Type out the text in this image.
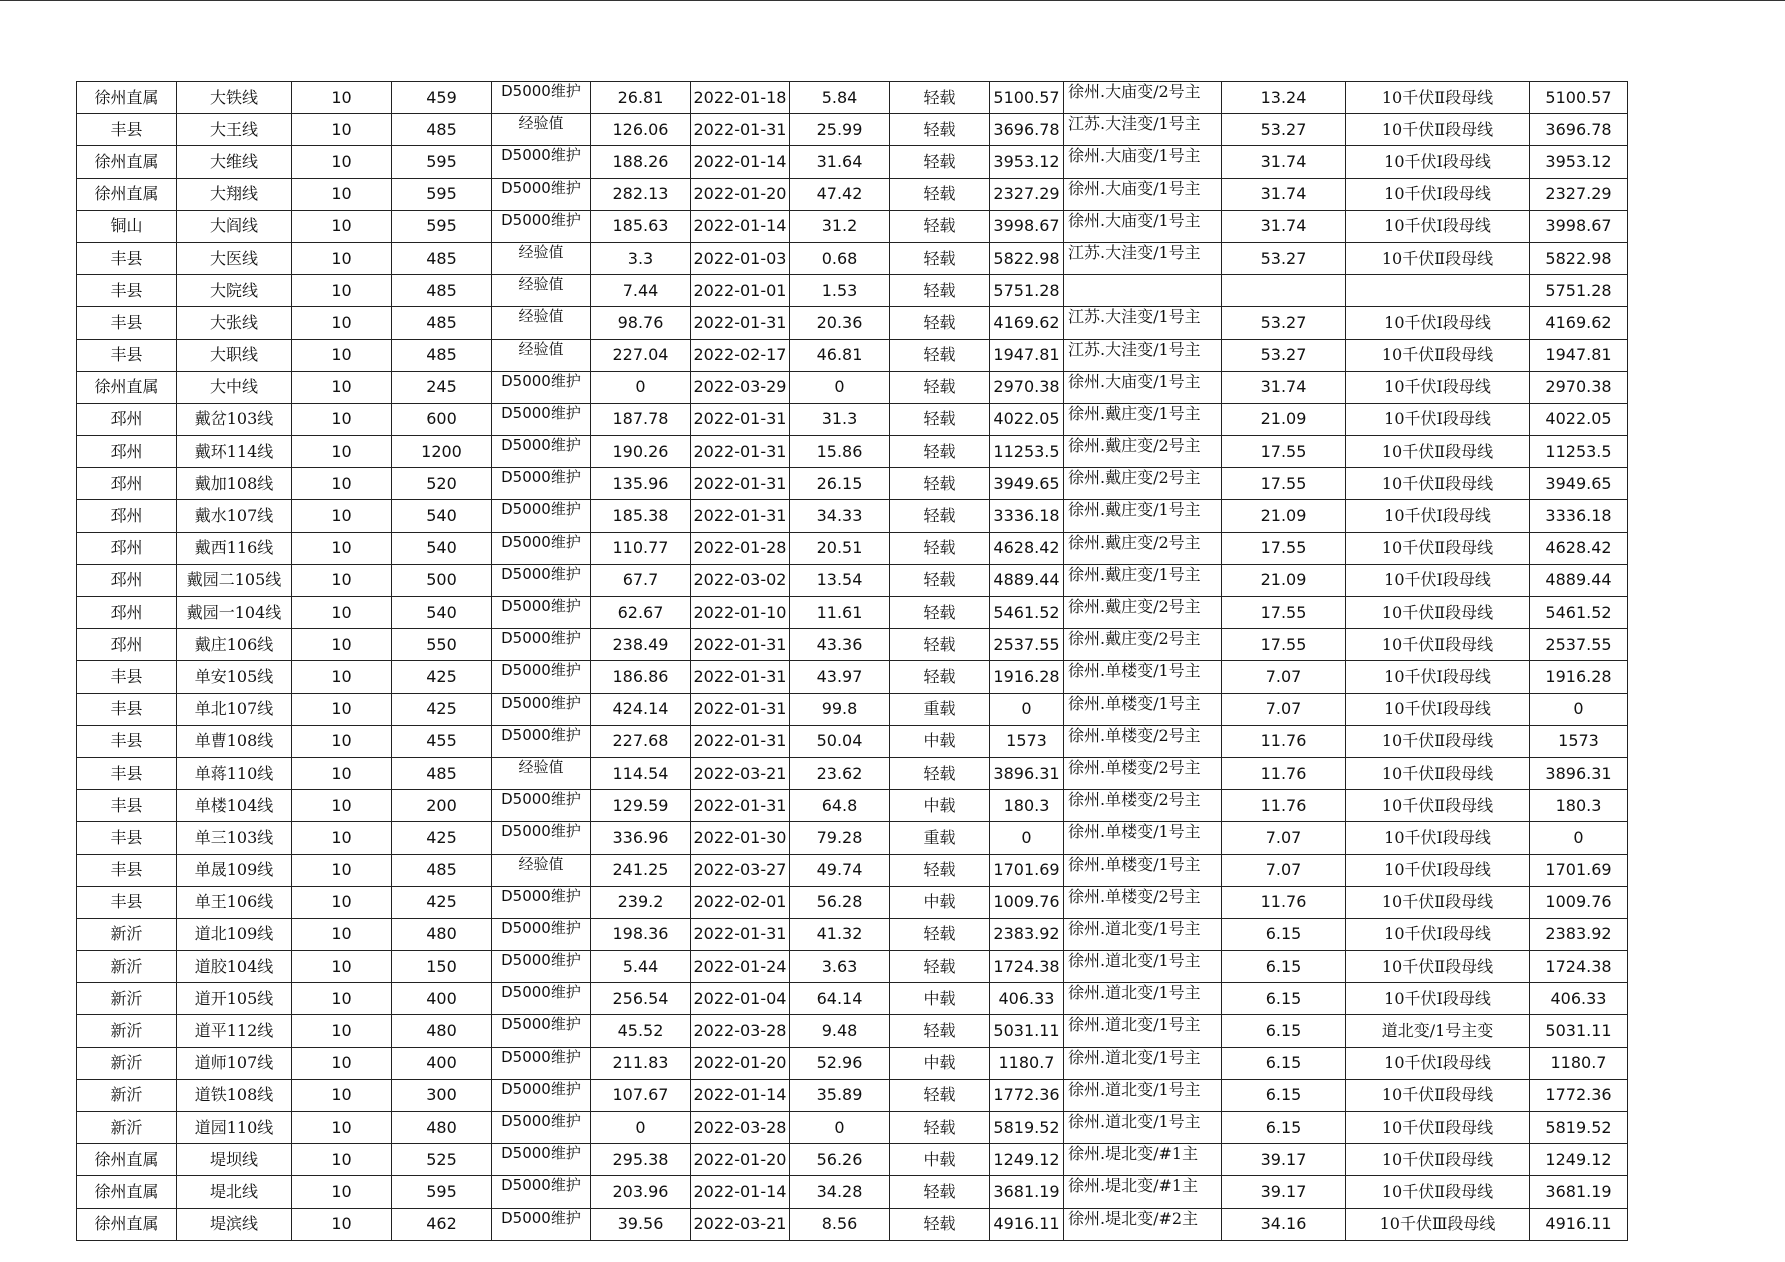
徐州直属	大铁线	10	459	D5000维护	26.81	2022-01-18	5.84	轻载	5100.57	徐州.大庙变/2号主	13.24	10千伏Ⅱ段母线	5100.57
丰县	大王线	10	485	经验值	126.06	2022-01-31	25.99	轻载	3696.78	江苏.大洼变/1号主	53.27	10千伏Ⅱ段母线	3696.78
徐州直属	大维线	10	595	D5000维护	188.26	2022-01-14	31.64	轻载	3953.12	徐州.大庙变/1号主	31.74	10千伏Ⅰ段母线	3953.12
徐州直属	大翔线	10	595	D5000维护	282.13	2022-01-20	47.42	轻载	2327.29	徐州.大庙变/1号主	31.74	10千伏Ⅰ段母线	2327.29
铜山	大阎线	10	595	D5000维护	185.63	2022-01-14	31.2	轻载	3998.67	徐州.大庙变/1号主	31.74	10千伏Ⅰ段母线	3998.67
丰县	大医线	10	485	经验值	3.3	2022-01-03	0.68	轻载	5822.98	江苏.大洼变/1号主	53.27	10千伏Ⅱ段母线	5822.98
丰县	大院线	10	485	经验值	7.44	2022-01-01	1.53	轻载	5751.28				5751.28
丰县	大张线	10	485	经验值	98.76	2022-01-31	20.36	轻载	4169.62	江苏.大洼变/1号主	53.27	10千伏Ⅰ段母线	4169.62
丰县	大职线	10	485	经验值	227.04	2022-02-17	46.81	轻载	1947.81	江苏.大洼变/1号主	53.27	10千伏Ⅱ段母线	1947.81
徐州直属	大中线	10	245	D5000维护	0	2022-03-29	0	轻载	2970.38	徐州.大庙变/1号主	31.74	10千伏Ⅰ段母线	2970.38
邳州	戴岔103线	10	600	D5000维护	187.78	2022-01-31	31.3	轻载	4022.05	徐州.戴庄变/1号主	21.09	10千伏Ⅰ段母线	4022.05
邳州	戴环114线	10	1200	D5000维护	190.26	2022-01-31	15.86	轻载	11253.5	徐州.戴庄变/2号主	17.55	10千伏Ⅱ段母线	11253.5
邳州	戴加108线	10	520	D5000维护	135.96	2022-01-31	26.15	轻载	3949.65	徐州.戴庄变/2号主	17.55	10千伏Ⅱ段母线	3949.65
邳州	戴水107线	10	540	D5000维护	185.38	2022-01-31	34.33	轻载	3336.18	徐州.戴庄变/1号主	21.09	10千伏Ⅰ段母线	3336.18
邳州	戴西116线	10	540	D5000维护	110.77	2022-01-28	20.51	轻载	4628.42	徐州.戴庄变/2号主	17.55	10千伏Ⅱ段母线	4628.42
邳州	戴园二105线	10	500	D5000维护	67.7	2022-03-02	13.54	轻载	4889.44	徐州.戴庄变/1号主	21.09	10千伏Ⅰ段母线	4889.44
邳州	戴园一104线	10	540	D5000维护	62.67	2022-01-10	11.61	轻载	5461.52	徐州.戴庄变/2号主	17.55	10千伏Ⅱ段母线	5461.52
邳州	戴庄106线	10	550	D5000维护	238.49	2022-01-31	43.36	轻载	2537.55	徐州.戴庄变/2号主	17.55	10千伏Ⅱ段母线	2537.55
丰县	单安105线	10	425	D5000维护	186.86	2022-01-31	43.97	轻载	1916.28	徐州.单楼变/1号主	7.07	10千伏Ⅰ段母线	1916.28
丰县	单北107线	10	425	D5000维护	424.14	2022-01-31	99.8	重载	0	徐州.单楼变/1号主	7.07	10千伏Ⅰ段母线	0
丰县	单曹108线	10	455	D5000维护	227.68	2022-01-31	50.04	中载	1573	徐州.单楼变/2号主	11.76	10千伏Ⅱ段母线	1573
丰县	单蒋110线	10	485	经验值	114.54	2022-03-21	23.62	轻载	3896.31	徐州.单楼变/2号主	11.76	10千伏Ⅱ段母线	3896.31
丰县	单楼104线	10	200	D5000维护	129.59	2022-01-31	64.8	中载	180.3	徐州.单楼变/2号主	11.76	10千伏Ⅱ段母线	180.3
丰县	单三103线	10	425	D5000维护	336.96	2022-01-30	79.28	重载	0	徐州.单楼变/1号主	7.07	10千伏Ⅰ段母线	0
丰县	单晟109线	10	485	经验值	241.25	2022-03-27	49.74	轻载	1701.69	徐州.单楼变/1号主	7.07	10千伏Ⅰ段母线	1701.69
丰县	单王106线	10	425	D5000维护	239.2	2022-02-01	56.28	中载	1009.76	徐州.单楼变/2号主	11.76	10千伏Ⅱ段母线	1009.76
新沂	道北109线	10	480	D5000维护	198.36	2022-01-31	41.32	轻载	2383.92	徐州.道北变/1号主	6.15	10千伏Ⅰ段母线	2383.92
新沂	道胶104线	10	150	D5000维护	5.44	2022-01-24	3.63	轻载	1724.38	徐州.道北变/1号主	6.15	10千伏Ⅱ段母线	1724.38
新沂	道开105线	10	400	D5000维护	256.54	2022-01-04	64.14	中载	406.33	徐州.道北变/1号主	6.15	10千伏Ⅰ段母线	406.33
新沂	道平112线	10	480	D5000维护	45.52	2022-03-28	9.48	轻载	5031.11	徐州.道北变/1号主	6.15	道北变/1号主变	5031.11
新沂	道师107线	10	400	D5000维护	211.83	2022-01-20	52.96	中载	1180.7	徐州.道北变/1号主	6.15	10千伏Ⅰ段母线	1180.7
新沂	道铁108线	10	300	D5000维护	107.67	2022-01-14	35.89	轻载	1772.36	徐州.道北变/1号主	6.15	10千伏Ⅱ段母线	1772.36
新沂	道园110线	10	480	D5000维护	0	2022-03-28	0	轻载	5819.52	徐州.道北变/1号主	6.15	10千伏Ⅱ段母线	5819.52
徐州直属	堤坝线	10	525	D5000维护	295.38	2022-01-20	56.26	中载	1249.12	徐州.堤北变/#1主	39.17	10千伏Ⅱ段母线	1249.12
徐州直属	堤北线	10	595	D5000维护	203.96	2022-01-14	34.28	轻载	3681.19	徐州.堤北变/#1主	39.17	10千伏Ⅱ段母线	3681.19
徐州直属	堤滨线	10	462	D5000维护	39.56	2022-03-21	8.56	轻载	4916.11	徐州.堤北变/#2主	34.16	10千伏Ⅲ段母线	4916.11
